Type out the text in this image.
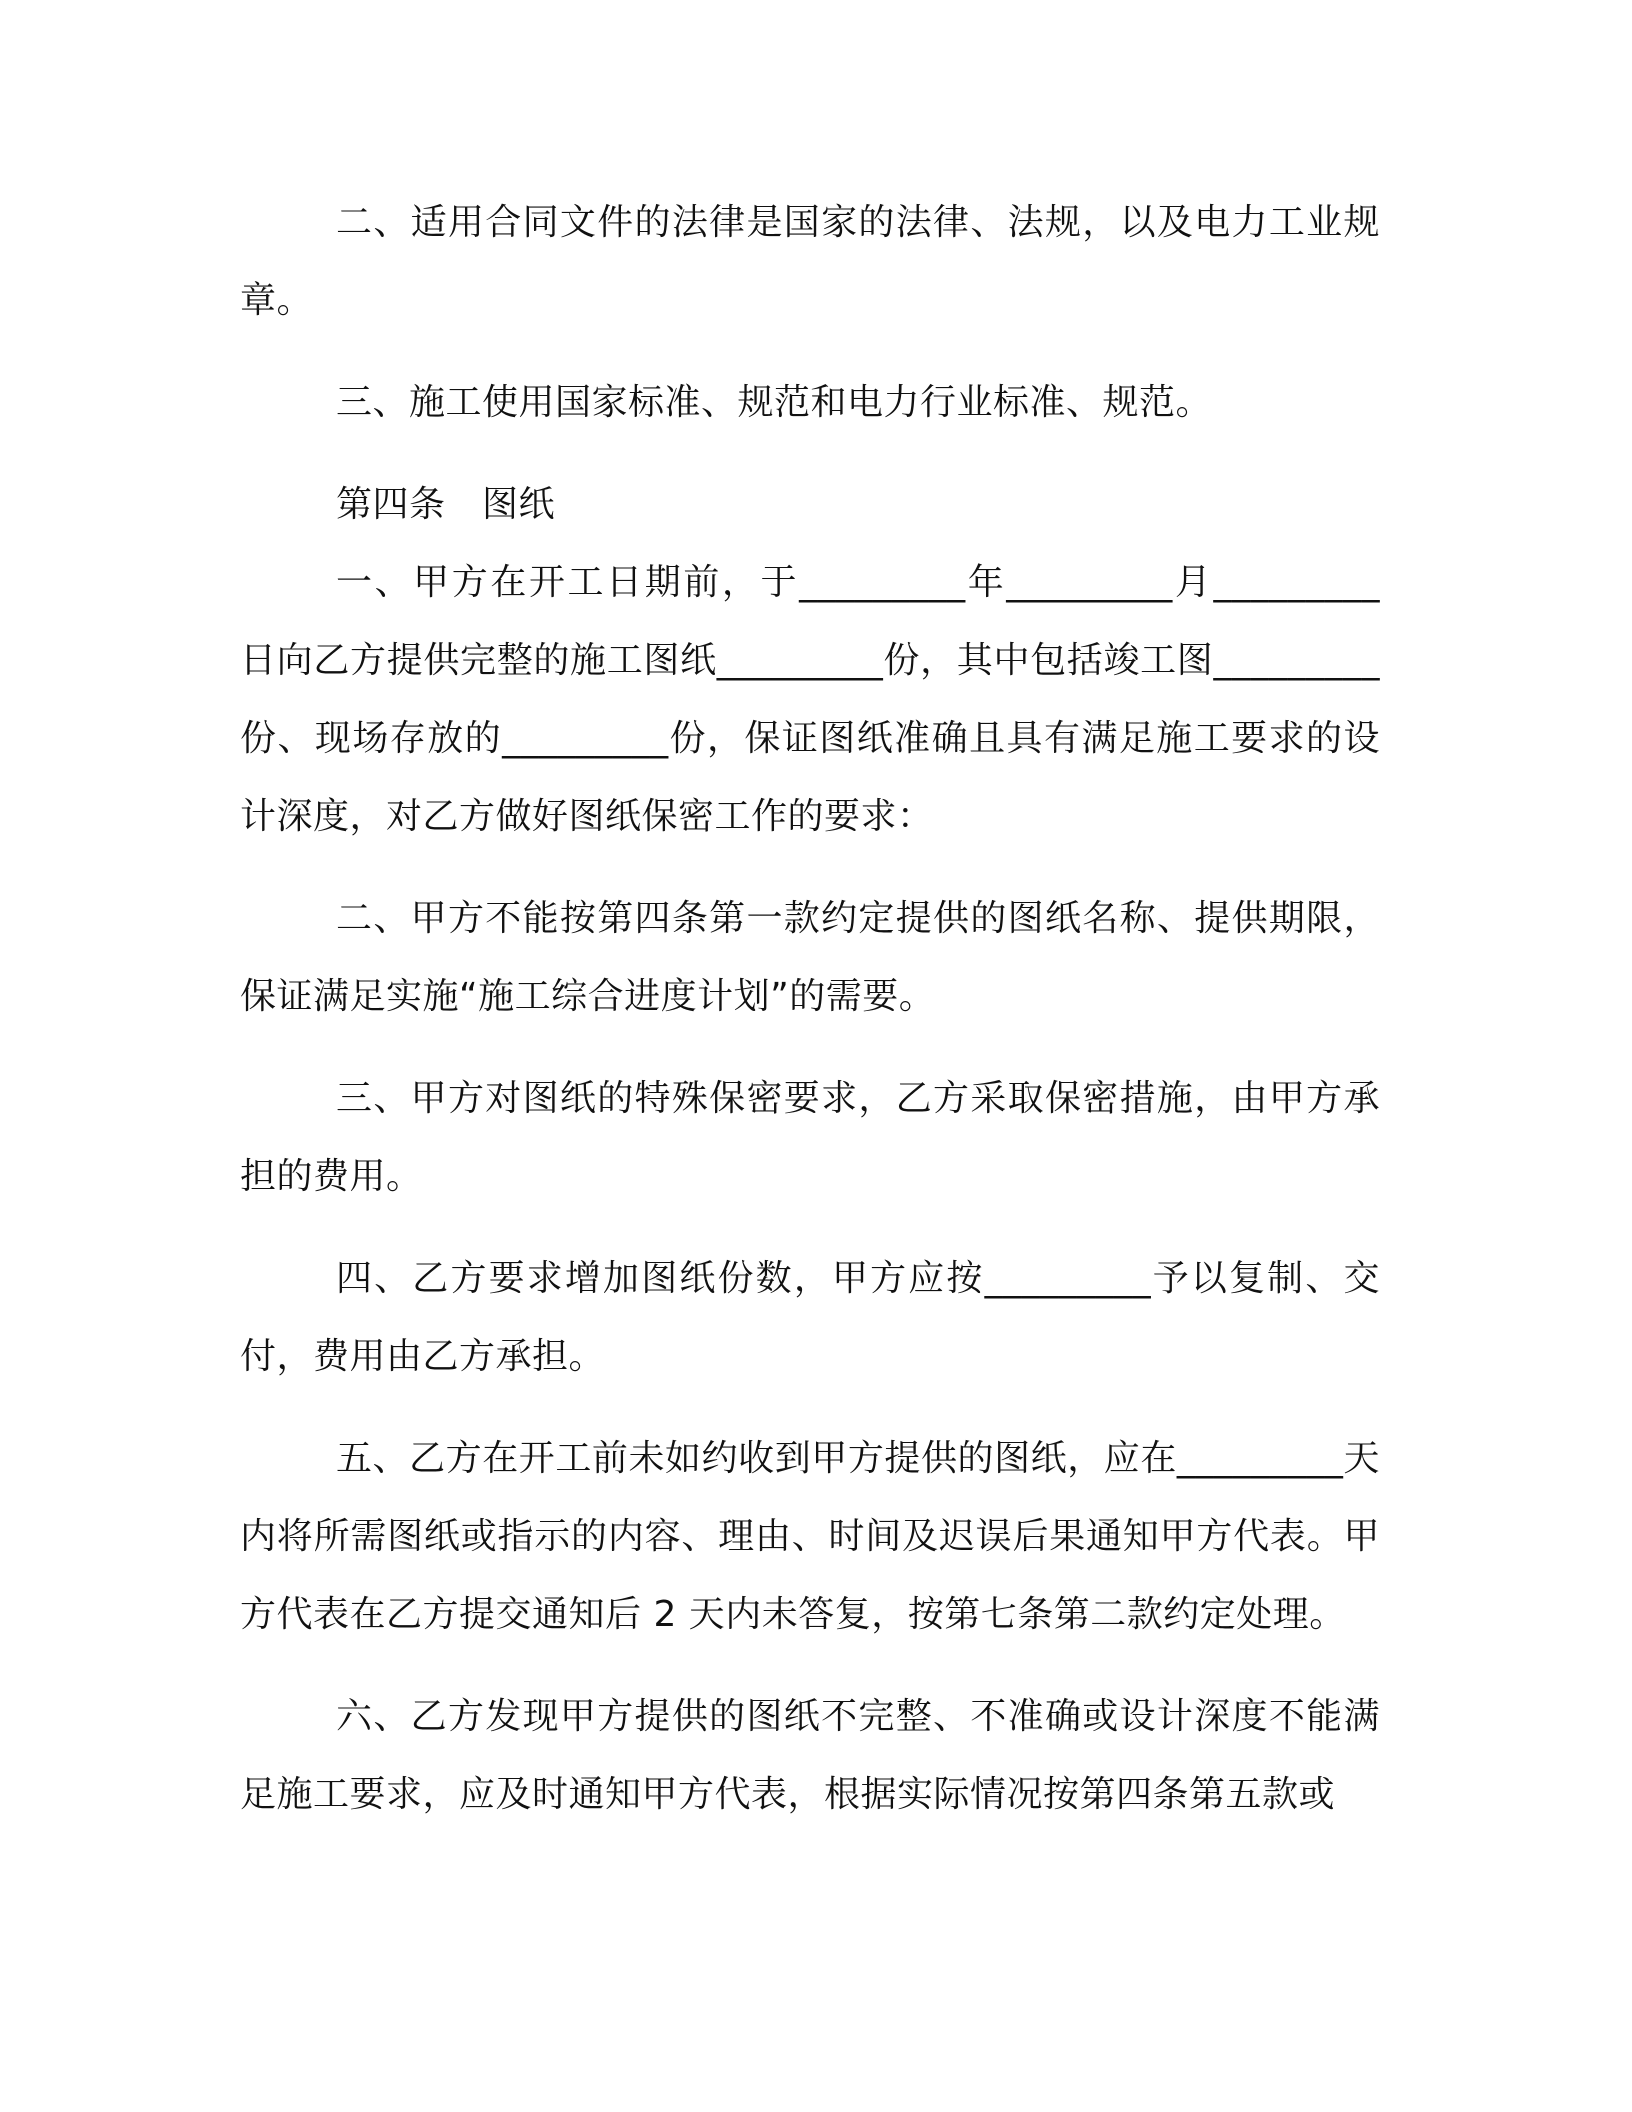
二、适用合同文件的法律是国家的法律、法规，以及电力工业规章。

三、施工使用国家标准、规范和电力行业标准、规范。

第四条　图纸

一、甲方在开工日期前，于_________年_________月_________日向乙方提供完整的施工图纸_________份，其中包括竣工图_________份、现场存放的_________份，保证图纸准确且具有满足施工要求的设计深度，对乙方做好图纸保密工作的要求：

二、甲方不能按第四条第一款约定提供的图纸名称、提供期限，保证满足实施“施工综合进度计划”的需要。

三、甲方对图纸的特殊保密要求，乙方采取保密措施，由甲方承担的费用。

四、乙方要求增加图纸份数，甲方应按_________予以复制、交付，费用由乙方承担。

五、乙方在开工前未如约收到甲方提供的图纸，应在_________天内将所需图纸或指示的内容、理由、时间及迟误后果通知甲方代表。甲方代表在乙方提交通知后 2 天内未答复，按第七条第二款约定处理。

六、乙方发现甲方提供的图纸不完整、不准确或设计深度不能满足施工要求，应及时通知甲方代表，根据实际情况按第四条第五款或
